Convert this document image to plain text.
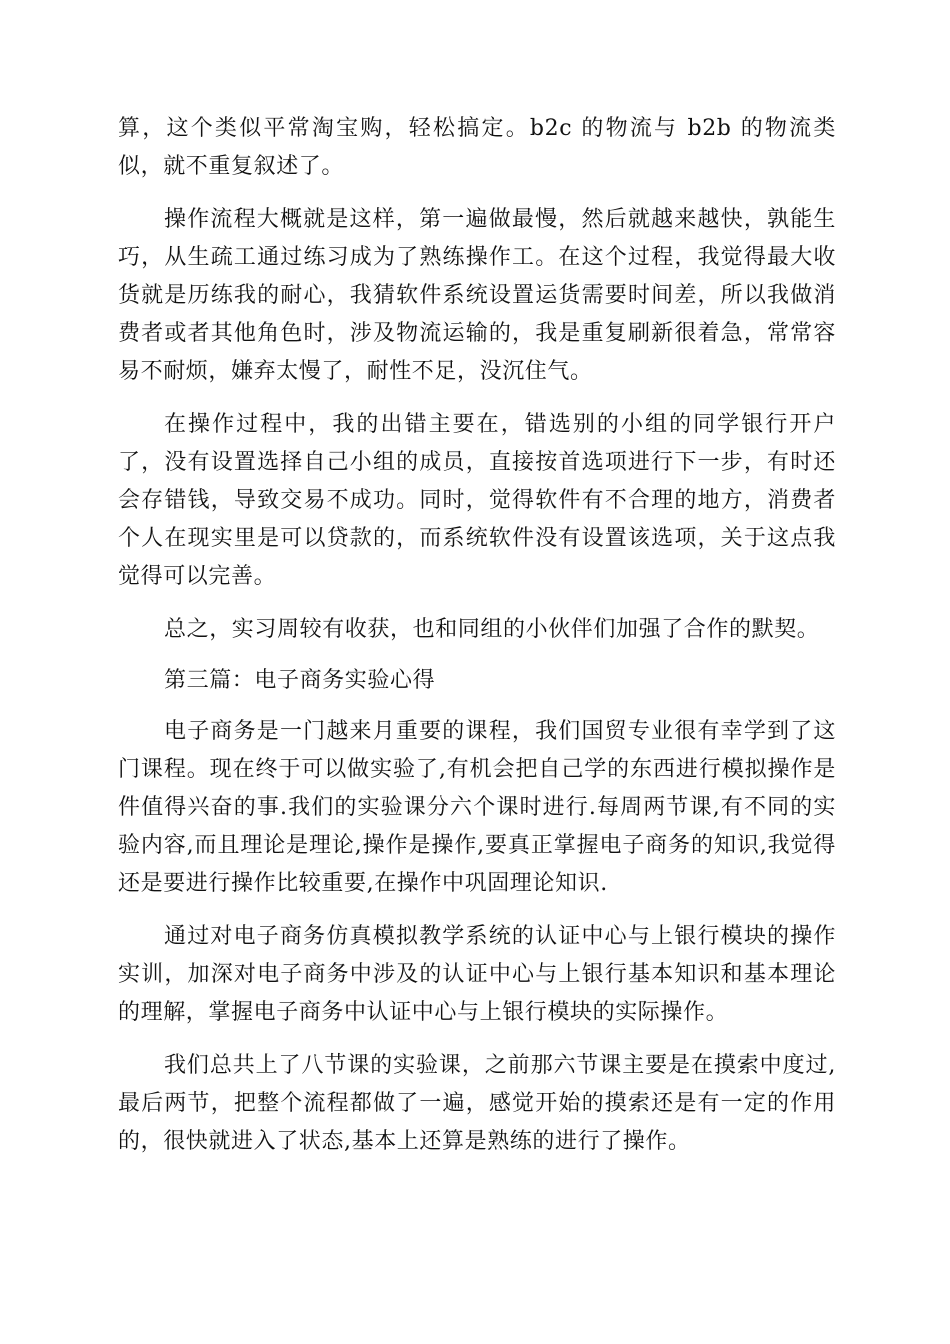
算，这个类似平常淘宝购，轻松搞定。b2c 的物流与 b2b 的物流类似，就不重复叙述了。

操作流程大概就是这样，第一遍做最慢，然后就越来越快，孰能生巧，从生疏工通过练习成为了熟练操作工。在这个过程，我觉得最大收货就是历练我的耐心，我猜软件系统设置运货需要时间差，所以我做消费者或者其他角色时，涉及物流运输的，我是重复刷新很着急，常常容易不耐烦，嫌弃太慢了，耐性不足，没沉住气。

在操作过程中，我的出错主要在，错选别的小组的同学银行开户了，没有设置选择自己小组的成员，直接按首选项进行下一步，有时还会存错钱，导致交易不成功。同时，觉得软件有不合理的地方，消费者个人在现实里是可以贷款的，而系统软件没有设置该选项，关于这点我觉得可以完善。

总之，实习周较有收获，也和同组的小伙伴们加强了合作的默契。

第三篇：电子商务实验心得

电子商务是一门越来月重要的课程，我们国贸专业很有幸学到了这门课程。现在终于可以做实验了,有机会把自己学的东西进行模拟操作是件值得兴奋的事.我们的实验课分六个课时进行.每周两节课,有不同的实验内容,而且理论是理论,操作是操作,要真正掌握电子商务的知识,我觉得还是要进行操作比较重要,在操作中巩固理论知识.

通过对电子商务仿真模拟教学系统的认证中心与上银行模块的操作实训，加深对电子商务中涉及的认证中心与上银行基本知识和基本理论的理解，掌握电子商务中认证中心与上银行模块的实际操作。

我们总共上了八节课的实验课，之前那六节课主要是在摸索中度过,最后两节，把整个流程都做了一遍，感觉开始的摸索还是有一定的作用的，很快就进入了状态,基本上还算是熟练的进行了操作。
